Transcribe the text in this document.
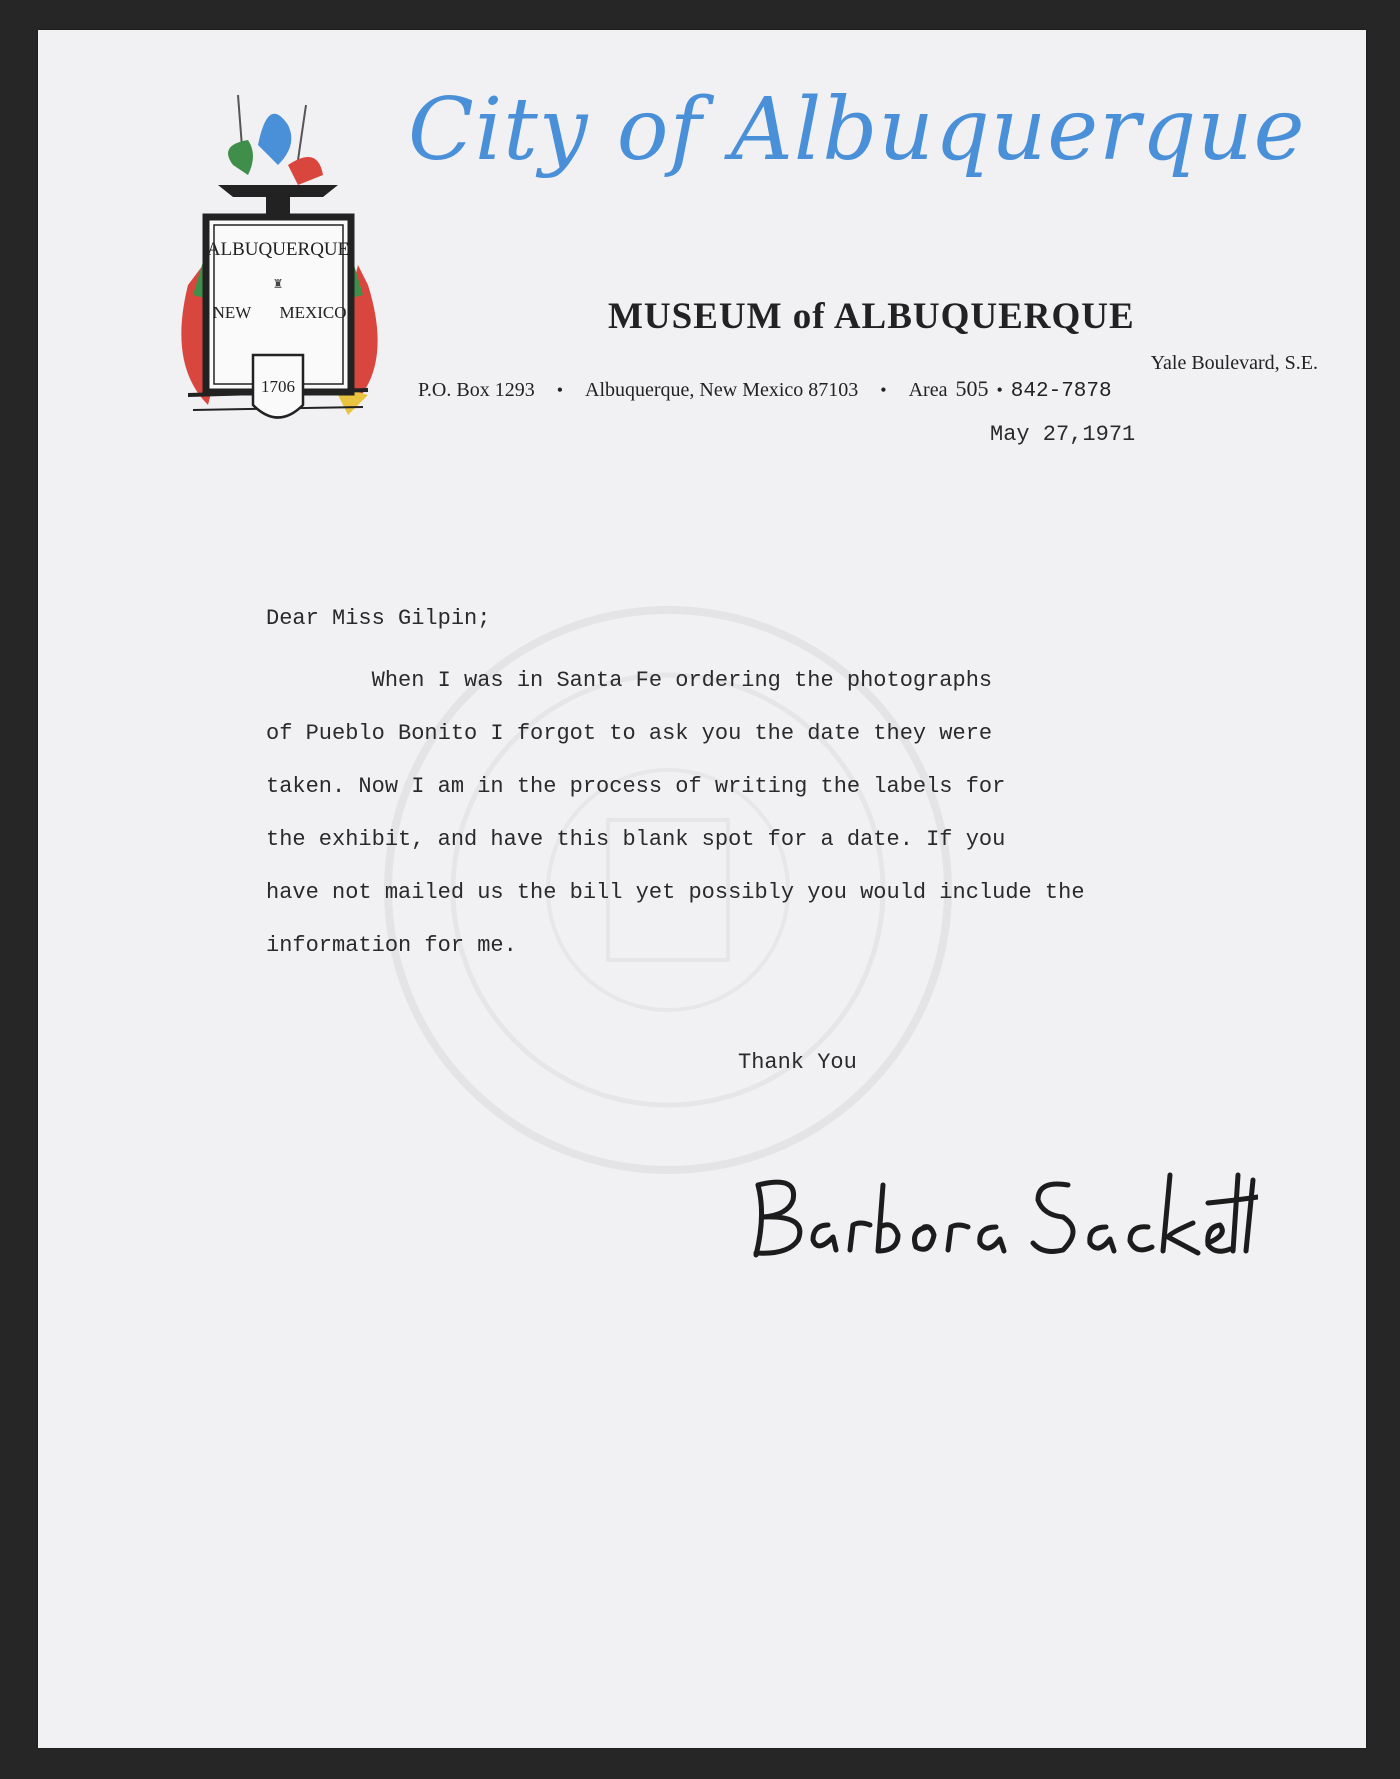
ALBUQUERQUE
♜
NEW MEXICO
1706
City of Albuquerque
MUSEUM of ALBUQUERQUE
Yale Boulevard, S.E.
P.O. Box 1293 • Albuquerque, New Mexico 87103 • Area 505 • 842-7878
May 27,1971
Dear Miss Gilpin;
When I was in Santa Fe ordering the photographs
of Pueblo Bonito I forgot to ask you the date they were
taken. Now I am in the process of writing the labels for
the exhibit, and have this blank spot for a date. If you
have not mailed us the bill yet possibly you would include the
information for me.
Thank You
